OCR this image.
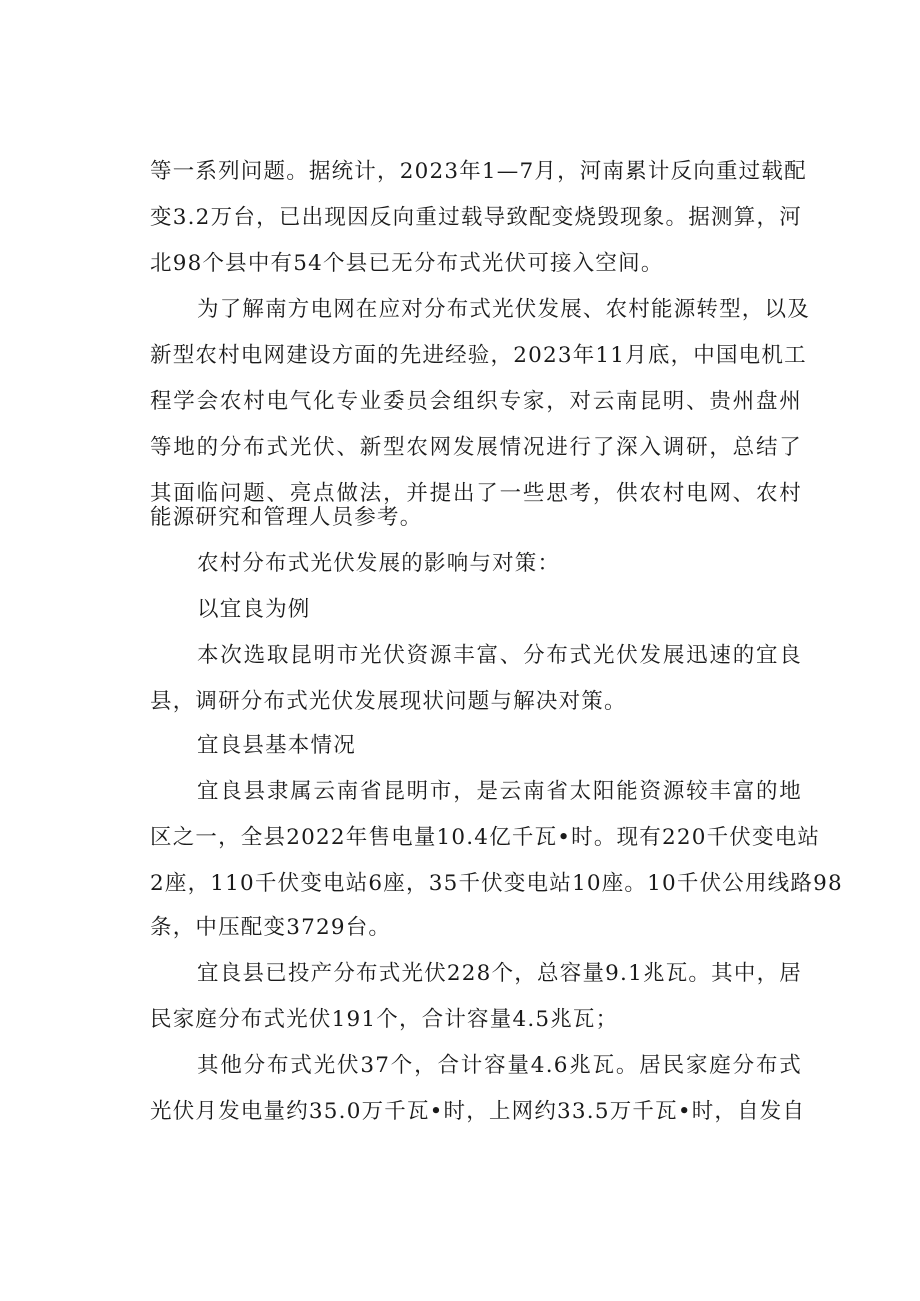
等一系列问题。据统计，2023年1—7月，河南累计反向重过载配
变3.2万台，已出现因反向重过载导致配变烧毁现象。据测算，河
北98个县中有54个县已无分布式光伏可接入空间。
为了解南方电网在应对分布式光伏发展、农村能源转型，以及
新型农村电网建设方面的先进经验，2023年11月底，中国电机工
程学会农村电气化专业委员会组织专家，对云南昆明、贵州盘州
等地的分布式光伏、新型农网发展情况进行了深入调研，总结了
其面临问题、亮点做法，并提出了一些思考，供农村电网、农村
能源研究和管理人员参考。
农村分布式光伏发展的影响与对策：
以宜良为例
本次选取昆明市光伏资源丰富、分布式光伏发展迅速的宜良
县，调研分布式光伏发展现状问题与解决对策。
宜良县基本情况
宜良县隶属云南省昆明市，是云南省太阳能资源较丰富的地
区之一，全县2022年售电量10.4亿千瓦•时。现有220千伏变电站
2座，110千伏变电站6座，35千伏变电站10座。10千伏公用线路98
条，中压配变3729台。
宜良县已投产分布式光伏228个，总容量9.1兆瓦。其中，居
民家庭分布式光伏191个，合计容量4.5兆瓦；
其他分布式光伏37个，合计容量4.6兆瓦。居民家庭分布式
光伏月发电量约35.0万千瓦•时，上网约33.5万千瓦•时，自发自
